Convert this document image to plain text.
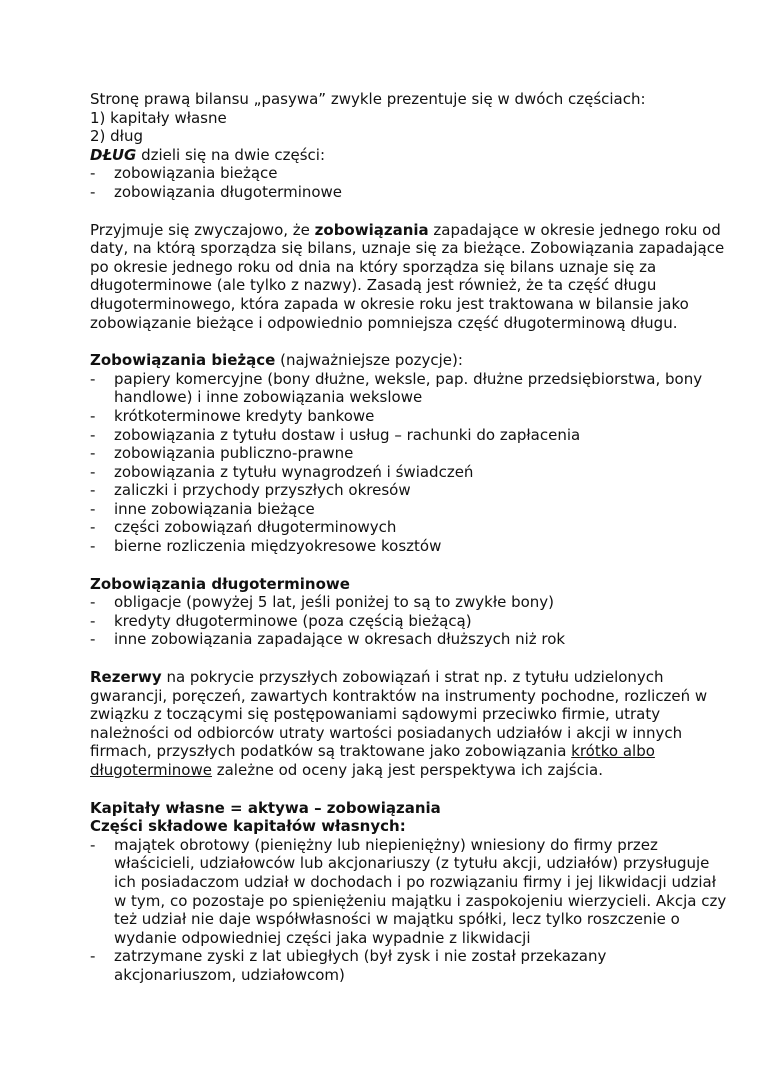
Stronę prawą bilansu „pasywa” zwykle prezentuje się w dwóch częściach:

1) kapitały własne

2) dług

DŁUG dzieli się na dwie części:

- zobowiązania bieżące

- zobowiązania długoterminowe

Przyjmuje się zwyczajowo, że zobowiązania zapadające w okresie jednego roku od daty, na którą sporządza się bilans, uznaje się za bieżące. Zobowiązania zapadające po okresie jednego roku od dnia na który sporządza się bilans uznaje się za długoterminowe (ale tylko z nazwy). Zasadą jest również, że ta część długu długoterminowego, która zapada w okresie roku jest traktowana w bilansie jako zobowiązanie bieżące i odpowiednio pomniejsza część długoterminową długu.

Zobowiązania bieżące (najważniejsze pozycje):

- papiery komercyjne (bony dłużne, weksle, pap. dłużne przedsiębiorstwa, bony handlowe) i inne zobowiązania wekslowe

- krótkoterminowe kredyty bankowe

- zobowiązania z tytułu dostaw i usług – rachunki do zapłacenia

- zobowiązania publiczno-prawne

- zobowiązania z tytułu wynagrodzeń i świadczeń

- zaliczki i przychody przyszłych okresów

- inne zobowiązania bieżące

- części zobowiązań długoterminowych

- bierne rozliczenia międzyokresowe kosztów

Zobowiązania długoterminowe

- obligacje (powyżej 5 lat, jeśli poniżej to są to zwykłe bony)

- kredyty długoterminowe (poza częścią bieżącą)

- inne zobowiązania zapadające w okresach dłuższych niż rok

Rezerwy na pokrycie przyszłych zobowiązań i strat np. z tytułu udzielonych gwarancji, poręczeń, zawartych kontraktów na instrumenty pochodne, rozliczeń w związku z toczącymi się postępowaniami sądowymi przeciwko firmie, utraty należności od odbiorców utraty wartości posiadanych udziałów i akcji w innych firmach, przyszłych podatków są traktowane jako zobowiązania krótko albo długoterminowe zależne od oceny jaką jest perspektywa ich zajścia.

Kapitały własne = aktywa – zobowiązania

Części składowe kapitałów własnych:

- majątek obrotowy (pieniężny lub niepieniężny) wniesiony do firmy przez właścicieli, udziałowców lub akcjonariuszy (z tytułu akcji, udziałów) przysługuje ich posiadaczom udział w dochodach i po rozwiązaniu firmy i jej likwidacji udział w tym, co pozostaje po spieniężeniu majątku i zaspokojeniu wierzycieli. Akcja czy też udział nie daje współwłasności w majątku spółki, lecz tylko roszczenie o wydanie odpowiedniej części jaka wypadnie z likwidacji

- zatrzymane zyski z lat ubiegłych (był zysk i nie został przekazany akcjonariuszom, udziałowcom)
